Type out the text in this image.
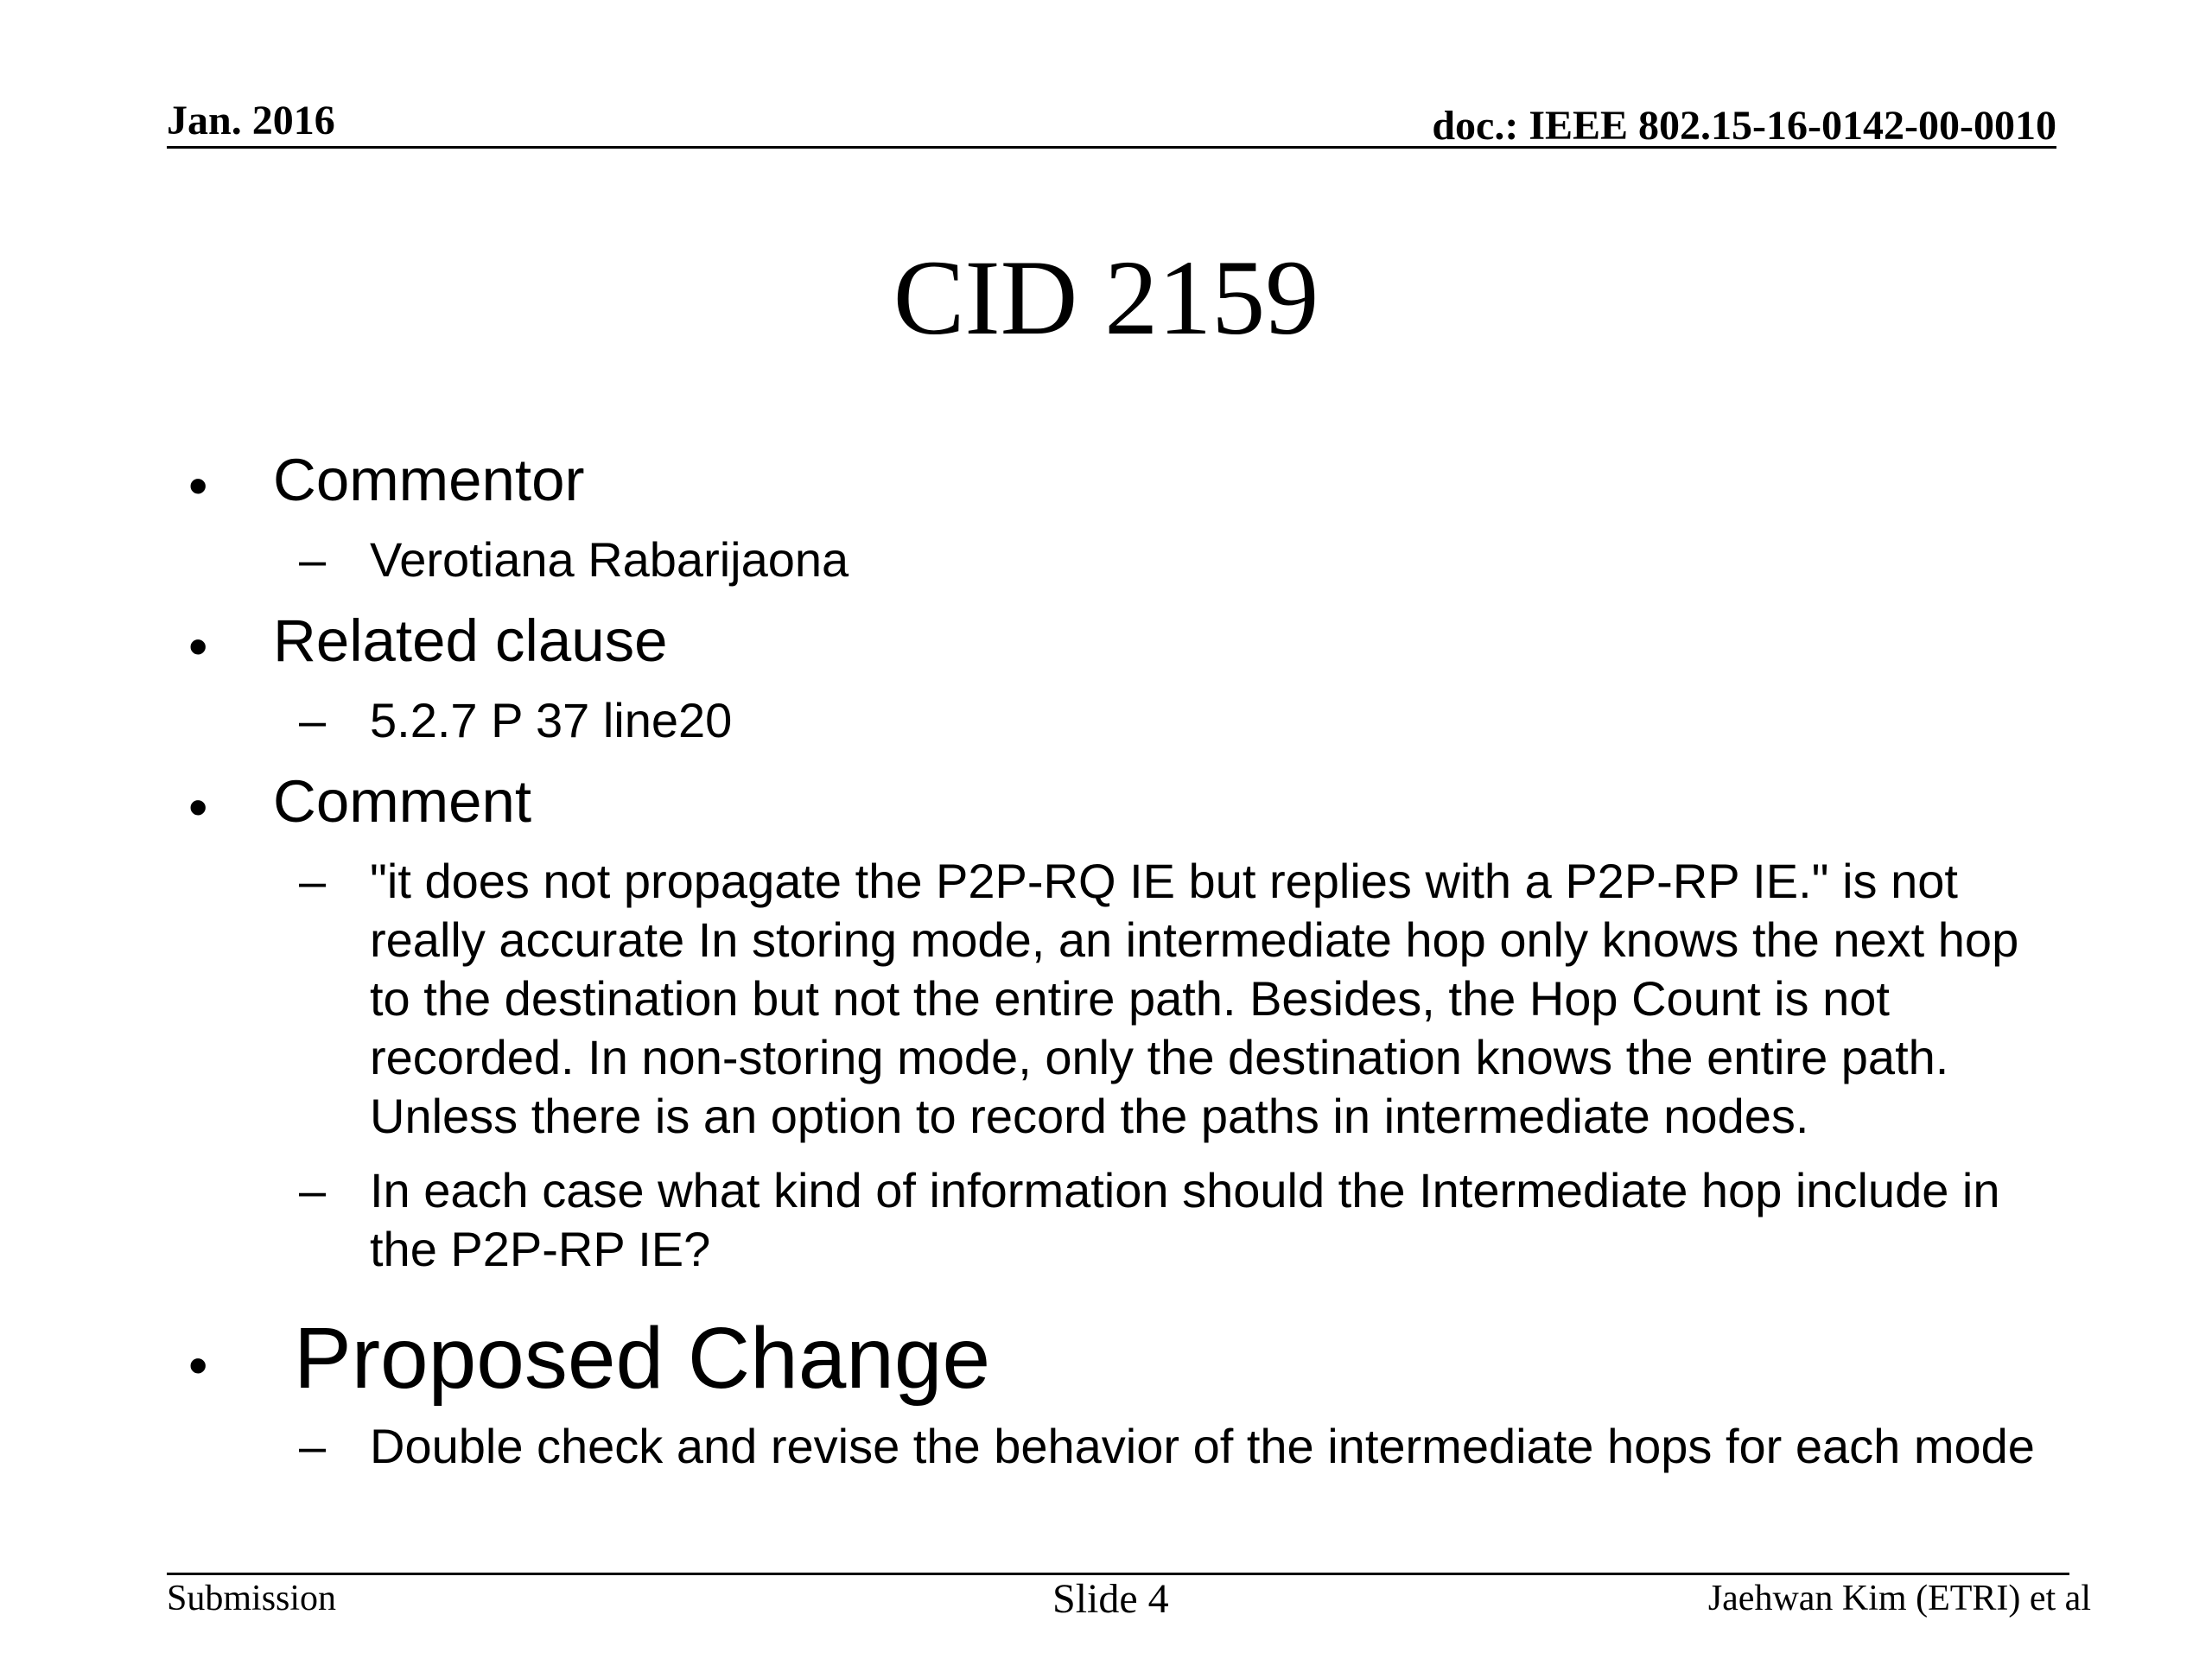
Jan. 2016	doc.: IEEE 802.15-16-0142-00-0010
CID 2159
• Commentor
– Verotiana Rabarijaona
• Related clause
– 5.2.7 P 37 line20
• Comment
– "it does not propagate the P2P-RQ IE but replies with a P2P-RP IE." is not really accurate In storing mode, an intermediate hop only knows the next hop to the destination but not the entire path. Besides, the Hop Count is not recorded. In non-storing mode, only the destination knows the entire path. Unless there is an option to record the paths in intermediate nodes.
– In each case what kind of information should the Intermediate hop include in the P2P-RP IE?
• Proposed Change
– Double check and revise the behavior of the intermediate hops for each mode
Submission	Slide 4	Jaehwan Kim (ETRI) et al
